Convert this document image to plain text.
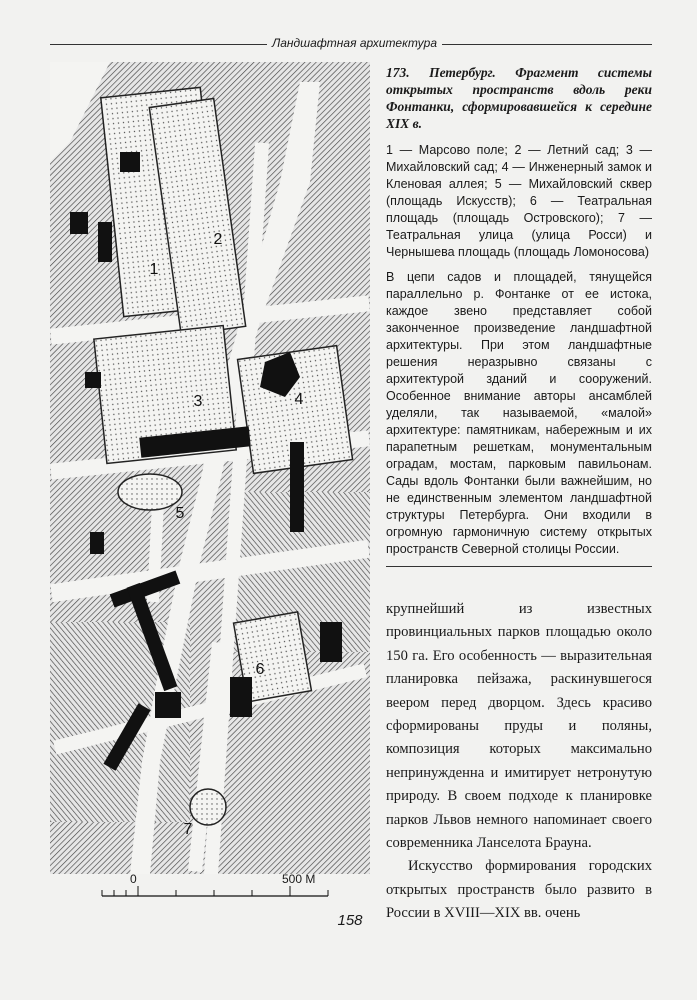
Ландшафтная архитектура
1
2
3	4
5
6
7
0	500 М

173. Петербург. Фрагмент системы открытых пространств вдоль реки Фонтанки, сформировавшейся к середине XIX в.

1 — Марсово поле; 2 — Летний сад; 3 — Михайловский сад; 4 — Инженерный замок и Кленовая аллея; 5 — Михайловский сквер (площадь Искусств); 6 — Театральная площадь (площадь Островского); 7 — Театральная улица (улица Росси) и Чернышева площадь (площадь Ломоносова)

В цепи садов и площадей, тянущейся параллельно р. Фонтанке от ее истока, каждое звено представляет собой законченное произведение ландшафтной архитектуры. При этом ландшафтные решения неразрывно связаны с архитектурой зданий и сооружений. Особенное внимание авторы ансамблей уделяли, так называемой, «малой» архитектуре: памятникам, набережным и их парапетным решеткам, монументальным оградам, мостам, парковым павильонам. Сады вдоль Фонтанки были важнейшим, но не единственным элементом ландшафтной структуры Петербурга. Они входили в огромную гармоничную систему открытых пространств Северной столицы России.

крупнейший из известных провинциальных парков площадью около 150 га. Его особенность — выразительная планировка пейзажа, раскинувшегося веером перед дворцом. Здесь красиво сформированы пруды и поляны, композиция которых максимально непринужденна и имитирует нетронутую природу. В своем подходе к планировке парков Львов немного напоминает своего современника Ланселота Брауна.

Искусство формирования городских открытых пространств было развито в России в XVIII—XIX вв. очень

158
